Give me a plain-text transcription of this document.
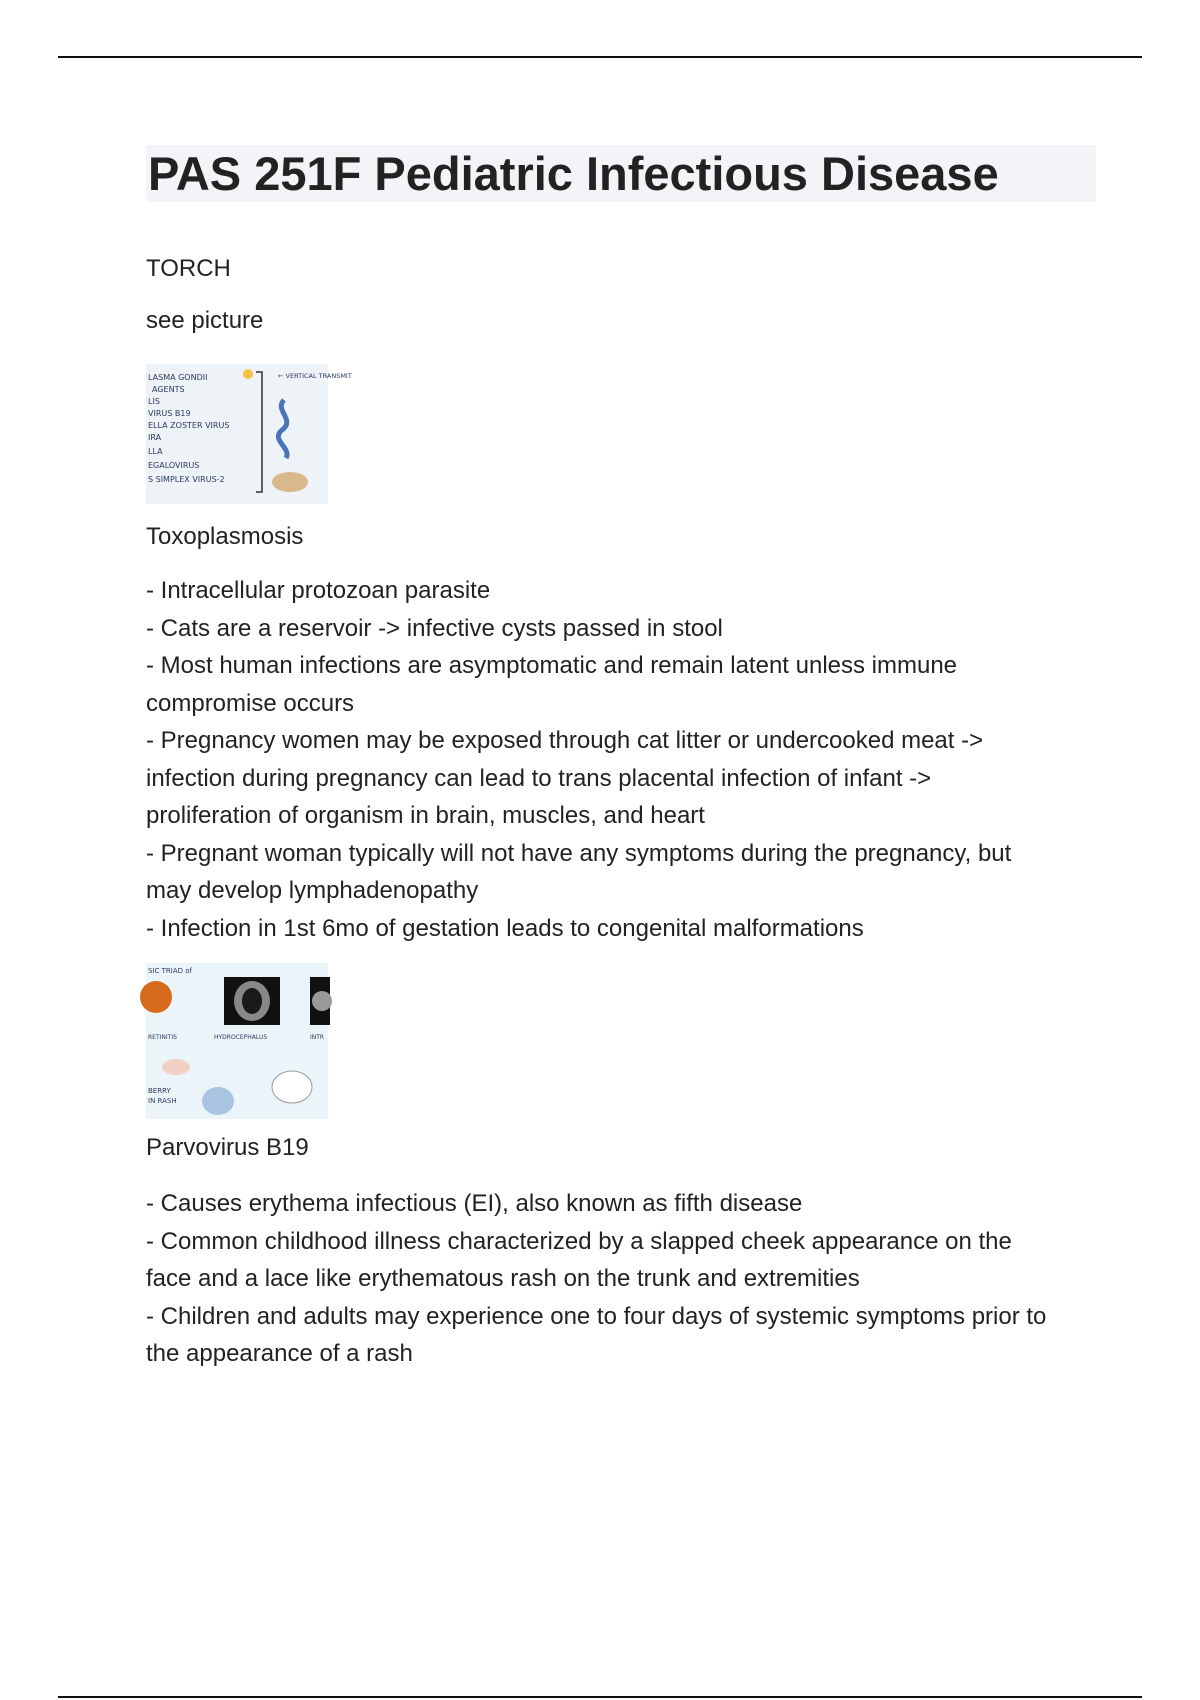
PAS 251F Pediatric Infectious Disease

TORCH

see picture

LASMA GONDII
AGENTS
LIS
VIRUS B19
ELLA ZOSTER VIRUS
IRA
LLA
EGALOVIRUS
S SIMPLEX VIRUS-2
← VERTICAL TRANSMIT

Toxoplasmosis

- Intracellular protozoan parasite
- Cats are a reservoir -> infective cysts passed in stool
- Most human infections are asymptomatic and remain latent unless immune
compromise occurs
- Pregnancy women may be exposed through cat litter or undercooked meat ->
infection during pregnancy can lead to trans placental infection of infant ->
proliferation of organism in brain, muscles, and heart
- Pregnant woman typically will not have any symptoms during the pregnancy, but
may develop lymphadenopathy
- Infection in 1st 6mo of gestation leads to congenital malformations
SIC TRIAD of
RETINITIS	HYDROCEPHALUS	INTR
BERRY
IN RASH

Parvovirus B19

- Causes erythema infectious (EI), also known as fifth disease
- Common childhood illness characterized by a slapped cheek appearance on the
face and a lace like erythematous rash on the trunk and extremities
- Children and adults may experience one to four days of systemic symptoms prior to
the appearance of a rash
